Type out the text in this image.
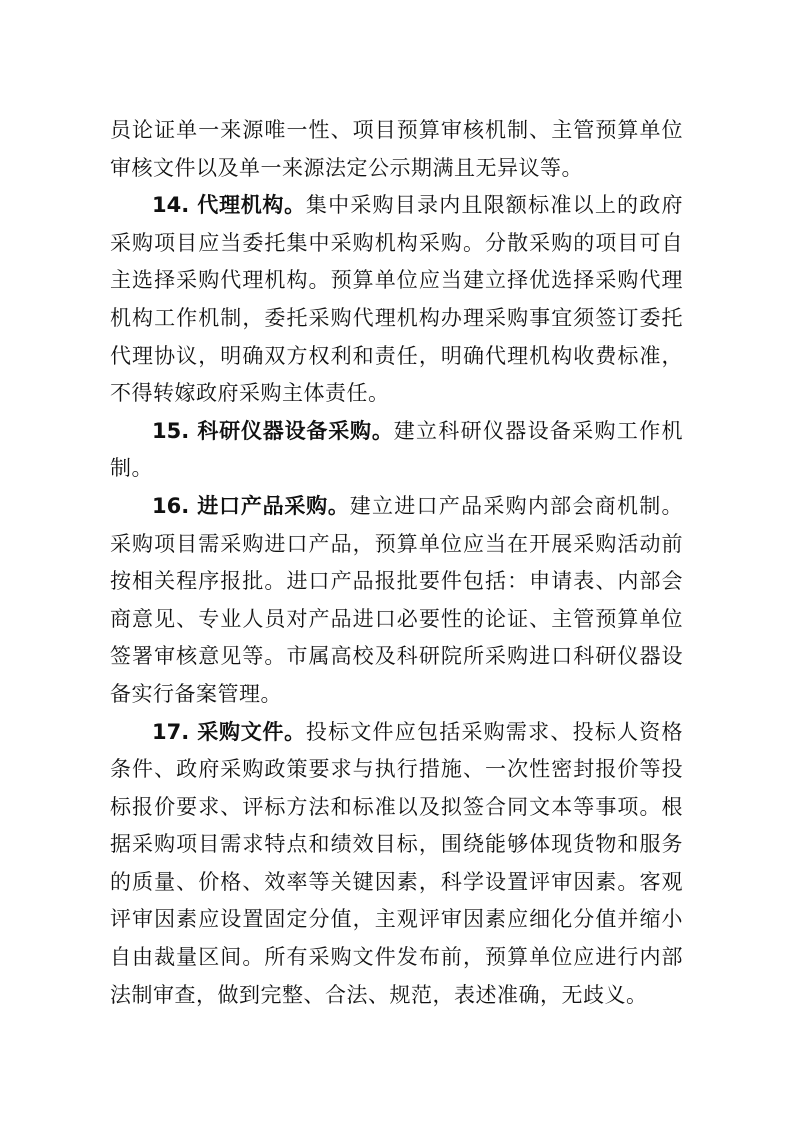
员论证单一来源唯一性、项目预算审核机制、主管预算单位审核文件以及单一来源法定公示期满且无异议等。

14. 代理机构。集中采购目录内且限额标准以上的政府采购项目应当委托集中采购机构采购。分散采购的项目可自主选择采购代理机构。预算单位应当建立择优选择采购代理机构工作机制，委托采购代理机构办理采购事宜须签订委托代理协议，明确双方权利和责任，明确代理机构收费标准，不得转嫁政府采购主体责任。

15. 科研仪器设备采购。建立科研仪器设备采购工作机制。

16. 进口产品采购。建立进口产品采购内部会商机制。采购项目需采购进口产品，预算单位应当在开展采购活动前按相关程序报批。进口产品报批要件包括：申请表、内部会商意见、专业人员对产品进口必要性的论证、主管预算单位签署审核意见等。市属高校及科研院所采购进口科研仪器设备实行备案管理。

17. 采购文件。投标文件应包括采购需求、投标人资格条件、政府采购政策要求与执行措施、一次性密封报价等投标报价要求、评标方法和标准以及拟签合同文本等事项。根据采购项目需求特点和绩效目标，围绕能够体现货物和服务的质量、价格、效率等关键因素，科学设置评审因素。客观评审因素应设置固定分值，主观评审因素应细化分值并缩小自由裁量区间。所有采购文件发布前，预算单位应进行内部法制审查，做到完整、合法、规范，表述准确，无歧义。
